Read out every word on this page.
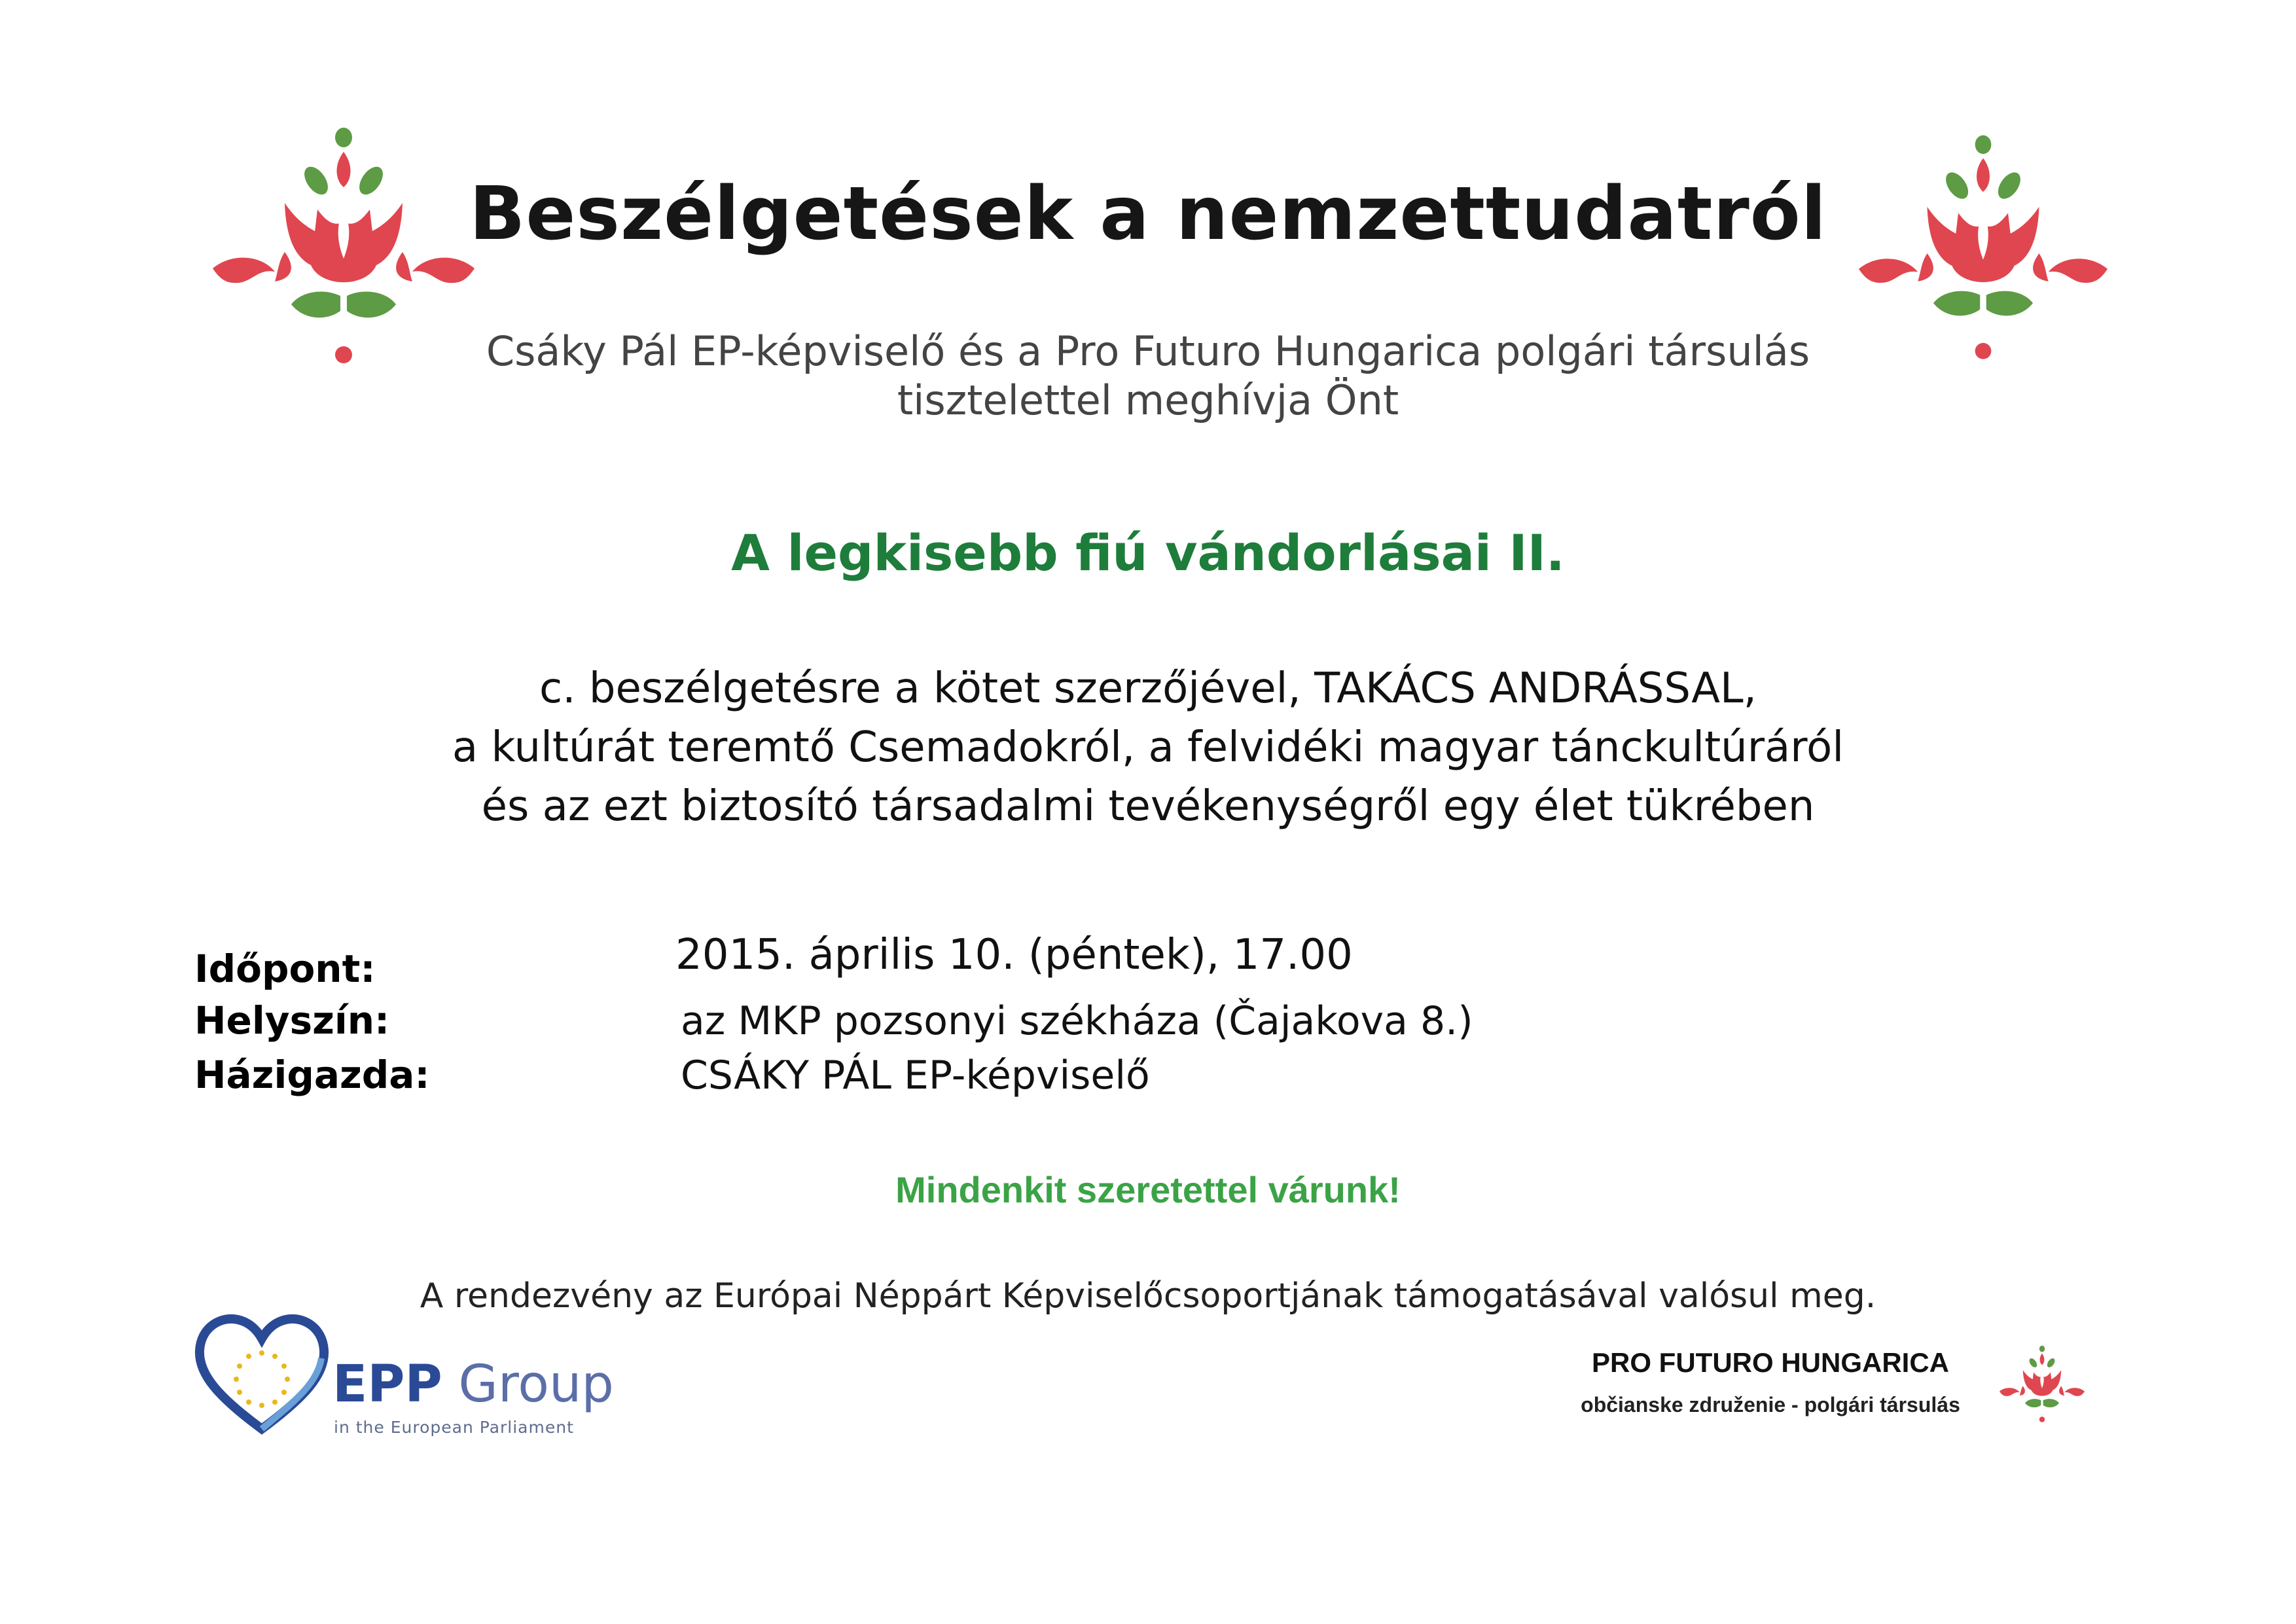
Beszélgetések a nemzettudatról
Csáky Pál EP-képviselő és a Pro Futuro Hungarica polgári társulás
tisztelettel meghívja Önt
A legkisebb fiú vándorlásai II.
c. beszélgetésre a kötet szerzőjével, TAKÁCS ANDRÁSSAL,
a kultúrát teremtő Csemadokról, a felvidéki magyar tánckultúráról
és az ezt biztosító társadalmi tevékenységről egy élet tükrében
Időpont:	2015. április 10. (péntek), 17.00
Helyszín:	az MKP pozsonyi székháza (Čajakova 8.)
Házigazda:	CSÁKY PÁL EP-képviselő
Mindenkit szeretettel várunk!
A rendezvény az Európai Néppárt Képviselőcsoportjának támogatásával valósul meg.
EPP Group
in the European Parliament
PRO FUTURO HUNGARICA
občianske združenie - polgári társulás
